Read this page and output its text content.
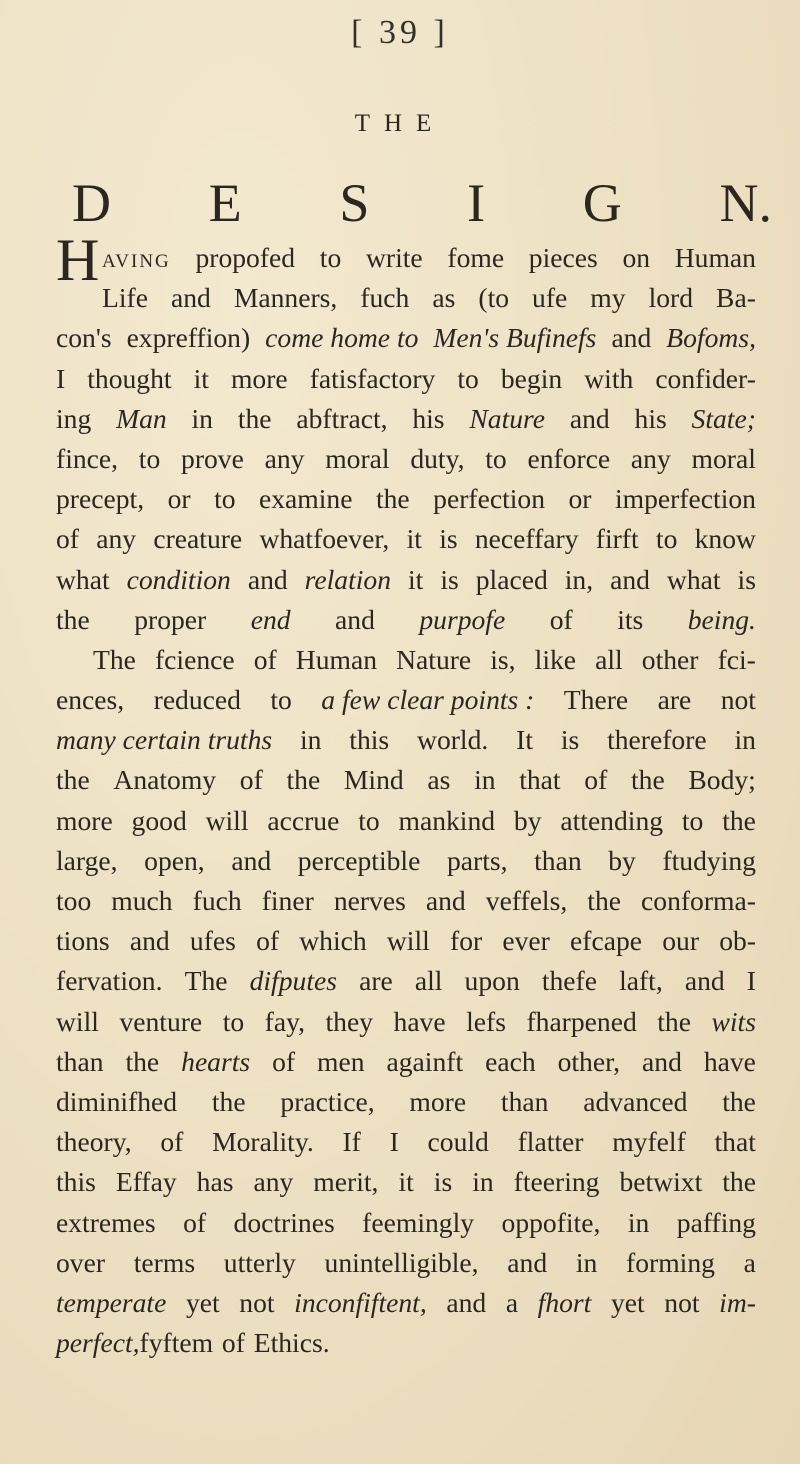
[ 39 ]
THE
D E S I G N.
H aving propofed to write fome pieces on Human
Life and Manners, fuch as (to ufe my lord Ba-
con's expreffion) come home to Men's Bufinefs and Bofoms,
I thought it more fatisfactory to begin with confider-
ing Man in the abftract, his Nature and his State;
fince, to prove any moral duty, to enforce any moral
precept, or to examine the perfection or imperfection
of any creature whatfoever, it is neceffary firft to know
what condition and relation it is placed in, and what is
the proper end and purpofe of its being.
The fcience of Human Nature is, like all other fci-
ences, reduced to a few clear points : There are not
many certain truths in this world. It is therefore in
the Anatomy of the Mind as in that of the Body;
more good will accrue to mankind by attending to the
large, open, and perceptible parts, than by ftudying
too much fuch finer nerves and veffels, the conforma-
tions and ufes of which will for ever efcape our ob-
fervation. The difputes are all upon thefe laft, and I
will venture to fay, they have lefs fharpened the wits
than the hearts of men againft each other, and have
diminifhed the practice, more than advanced the
theory, of Morality. If I could flatter myfelf that
this Effay has any merit, it is in fteering betwixt the
extremes of doctrines feemingly oppofite, in paffing
over terms utterly unintelligible, and in forming a
temperate yet not inconfiftent, and a fhort yet not im-
perfect, fyftem of Ethics.
